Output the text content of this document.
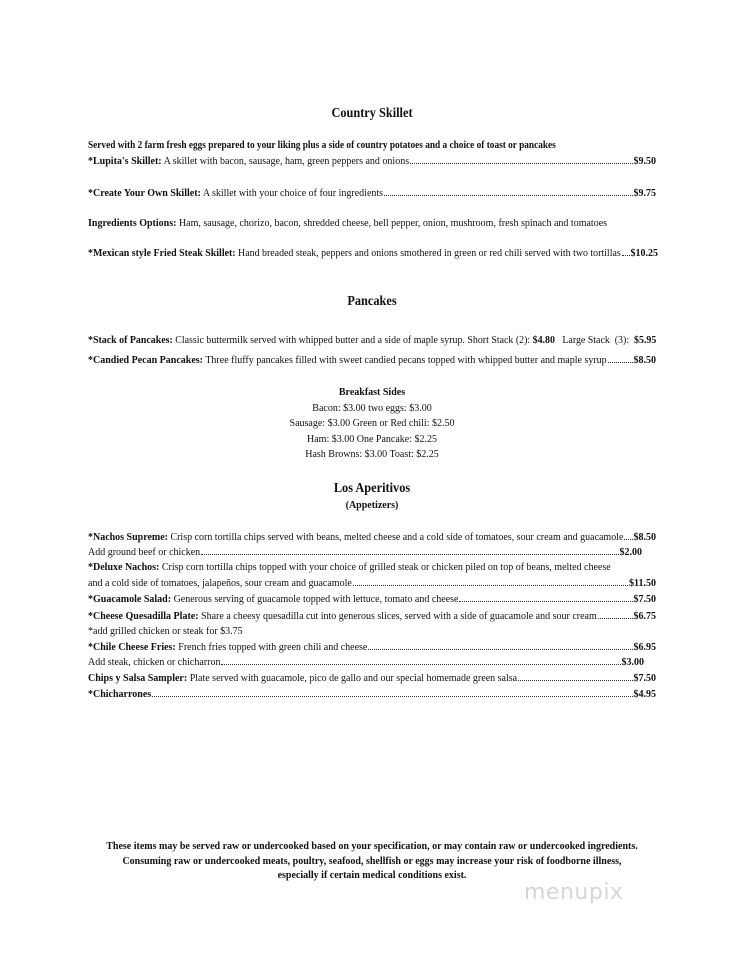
Country Skillet
Served with 2 farm fresh eggs prepared to your liking plus a side of country potatoes and a choice of toast or pancakes
*Lupita's Skillet: A skillet with bacon, sausage, ham, green peppers and onions	$9.50
*Create Your Own Skillet: A skillet with your choice of four ingredients	$9.75
Ingredients Options: Ham, sausage, chorizo, bacon, shredded cheese, bell pepper, onion, mushroom, fresh spinach and tomatoes
*Mexican style Fried Steak Skillet: Hand breaded steak, peppers and onions smothered in green or red chili served with two tortillas $10.25
Pancakes
*Stack of Pancakes: Classic buttermilk served with whipped butter and a side of maple syrup. Short Stack (2): $4.80   Large Stack  (3):  $5.95
*Candied Pecan Pancakes: Three fluffy pancakes filled with sweet candied pecans topped with whipped butter and maple syrup	$8.50
Breakfast Sides
Bacon: $3.00 two eggs: $3.00
Sausage: $3.00 Green or Red chili: $2.50
Ham: $3.00 One Pancake: $2.25
Hash Browns: $3.00 Toast: $2.25
Los Aperitivos
(Appetizers)
*Nachos Supreme: Crisp corn tortilla chips served with beans, melted cheese and a cold side of tomatoes, sour cream and guacamole $8.50
Add ground beef or chicken	$2.00
*Deluxe Nachos: Crisp corn tortilla chips topped with your choice of grilled steak or chicken piled on top of beans, melted cheese
and a cold side of tomatoes, jalapeños, sour cream and guacamole	$11.50
*Guacamole Salad: Generous serving of guacamole topped with lettuce, tomato and cheese	$7.50
*Cheese Quesadilla Plate: Share a cheesy quesadilla cut into generous slices, served with a side of guacamole and sour cream	$6.75
*add grilled chicken or steak for $3.75
*Chile Cheese Fries: French fries topped with green chili and cheese	$6.95
Add steak, chicken or chicharron	$3.00
Chips y Salsa Sampler: Plate served with guacamole, pico de gallo and our special homemade green salsa	$7.50
*Chicharrones	$4.95
These items may be served raw or undercooked based on your specification, or may contain raw or undercooked ingredients.
Consuming raw or undercooked meats, poultry, seafood, shellfish or eggs may increase your risk of foodborne illness,
especially if certain medical conditions exist.
menupix
